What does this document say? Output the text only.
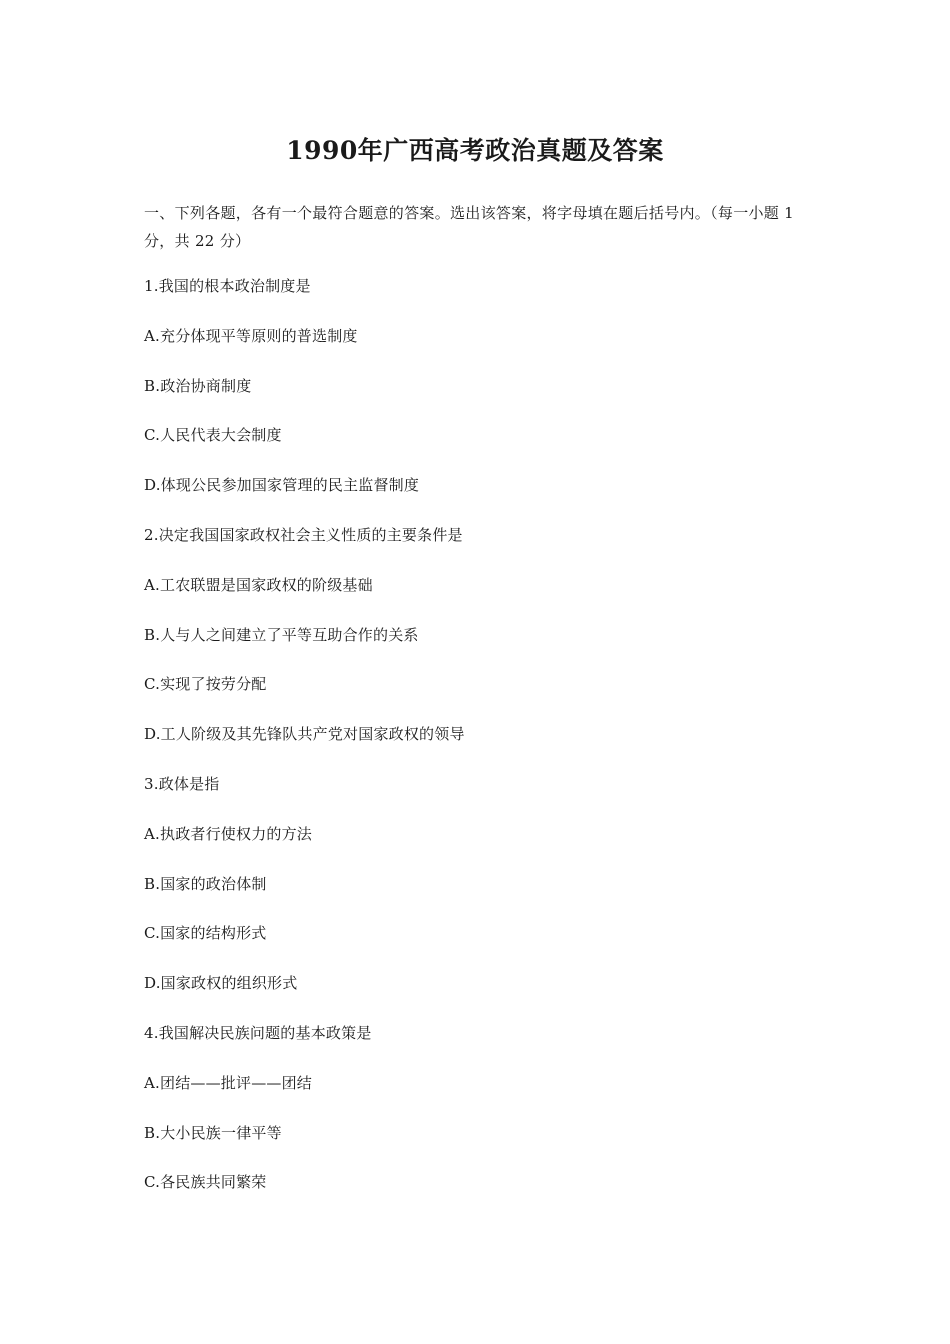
1990年广西高考政治真题及答案
一、下列各题，各有一个最符合题意的答案。选出该答案，将字母填在题后括号内。（每一小题 1 分，共 22 分）
1.我国的根本政治制度是
A.充分体现平等原则的普选制度
B.政治协商制度
C.人民代表大会制度
D.体现公民参加国家管理的民主监督制度
2.决定我国国家政权社会主义性质的主要条件是
A.工农联盟是国家政权的阶级基础
B.人与人之间建立了平等互助合作的关系
C.实现了按劳分配
D.工人阶级及其先锋队共产党对国家政权的领导
3.政体是指
A.执政者行使权力的方法
B.国家的政治体制
C.国家的结构形式
D.国家政权的组织形式
4.我国解决民族问题的基本政策是
A.团结——批评——团结
B.大小民族一律平等
C.各民族共同繁荣
